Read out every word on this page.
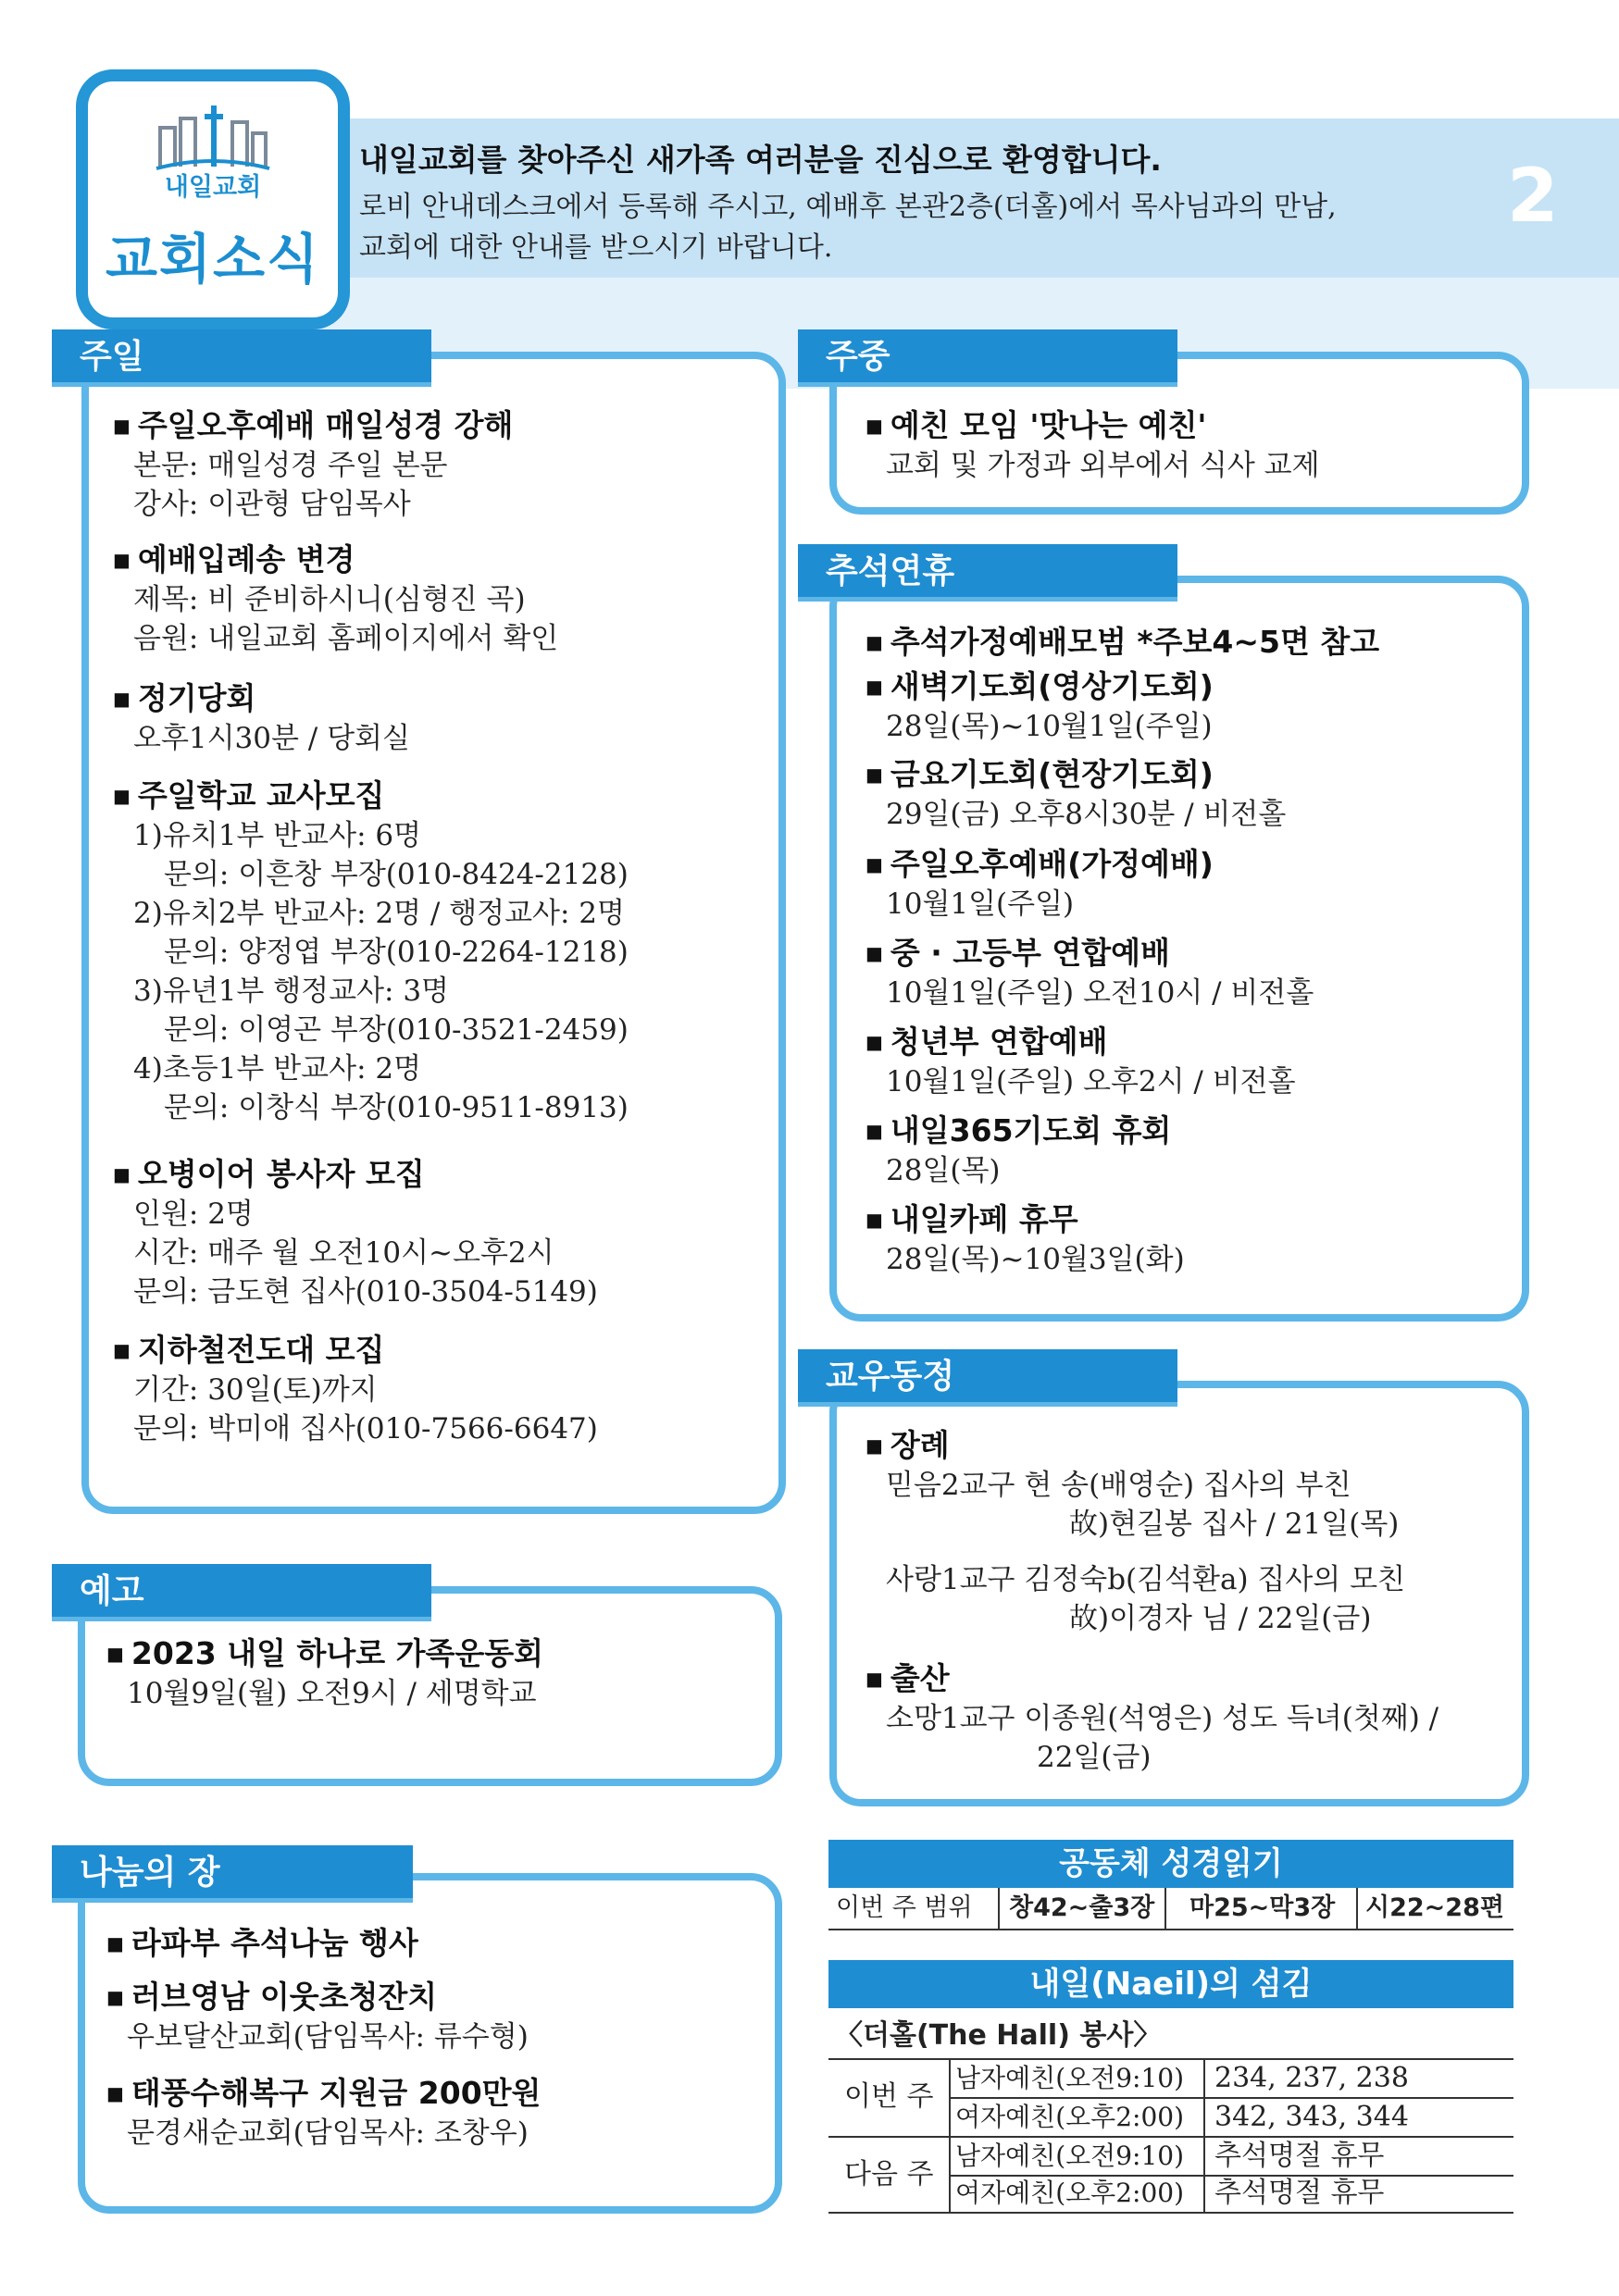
내일교회
교회소식
내일교회를 찾아주신 새가족 여러분을 진심으로 환영합니다.
로비 안내데스크에서 등록해 주시고, 예배후 본관2층(더홀)에서 목사님과의 만남,
교회에 대한 안내를 받으시기 바랍니다.
2
주일
■ 주일오후예배 매일성경 강해
본문: 매일성경 주일 본문
강사: 이관형 담임목사
■ 예배입례송 변경
제목: 비 준비하시니(심형진 곡)
음원: 내일교회 홈페이지에서 확인
■ 정기당회
오후1시30분 / 당회실
■ 주일학교 교사모집
1)유치1부 반교사: 6명
문의: 이흔창 부장(010-8424-2128)
2)유치2부 반교사: 2명 / 행정교사: 2명
문의: 양정엽 부장(010-2264-1218)
3)유년1부 행정교사: 3명
문의: 이영곤 부장(010-3521-2459)
4)초등1부 반교사: 2명
문의: 이창식 부장(010-9511-8913)
■ 오병이어 봉사자 모집
인원: 2명
시간: 매주 월 오전10시~오후2시
문의: 금도현 집사(010-3504-5149)
■ 지하철전도대 모집
기간: 30일(토)까지
문의: 박미애 집사(010-7566-6647)
주중
■ 예친 모임 '맛나는 예친'
교회 및 가정과 외부에서 식사 교제
추석연휴
■ 추석가정예배모범 *주보4~5면 참고
■ 새벽기도회(영상기도회)
28일(목)~10월1일(주일)
■ 금요기도회(현장기도회)
29일(금) 오후8시30분 / 비전홀
■ 주일오후예배(가정예배)
10월1일(주일)
■ 중 · 고등부 연합예배
10월1일(주일) 오전10시 / 비전홀
■ 청년부 연합예배
10월1일(주일) 오후2시 / 비전홀
■ 내일365기도회 휴회
28일(목)
■ 내일카페 휴무
28일(목)~10월3일(화)
교우동정
■ 장례
믿음2교구 현 송(배영순) 집사의 부친
故)현길봉 집사 / 21일(목)
사랑1교구 김정숙b(김석환a) 집사의 모친
故)이경자 님 / 22일(금)
■ 출산
소망1교구 이종원(석영은) 성도 득녀(첫째) /
22일(금)
예고
■ 2023 내일 하나로 가족운동회
10월9일(월) 오전9시 / 세명학교
나눔의 장
■ 라파부 추석나눔 행사
■ 러브영남 이웃초청잔치
우보달산교회(담임목사: 류수형)
■ 태풍수해복구 지원금 200만원
문경새순교회(담임목사: 조창우)
공동체 성경읽기
이번 주 범위 창42~출3장 마25~막3장 시22~28편
내일(Naeil)의 섬김
〈더홀(The Hall) 봉사〉
이번 주
다음 주
남자예친(오전9:10)
여자예친(오후2:00)
남자예친(오전9:10)
여자예친(오후2:00)
234, 237, 238
342, 343, 344
추석명절 휴무
추석명절 휴무
